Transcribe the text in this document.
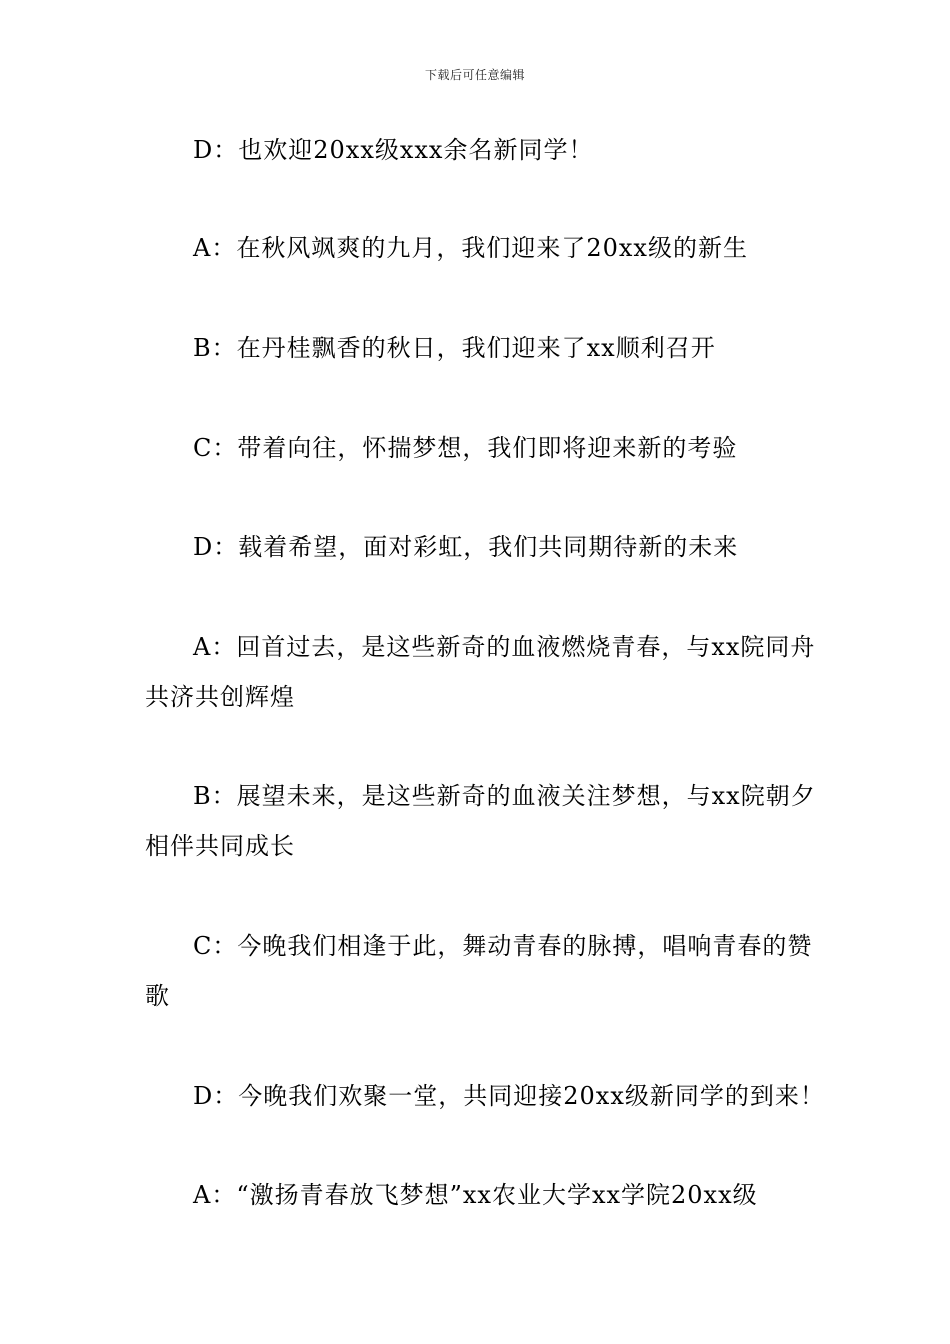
下载后可任意编辑

D：也欢迎20xx级xxx余名新同学！

A：在秋风飒爽的九月，我们迎来了20xx级的新生

B：在丹桂飘香的秋日，我们迎来了xx顺利召开

C：带着向往，怀揣梦想，我们即将迎来新的考验

D：载着希望，面对彩虹，我们共同期待新的未来

A：回首过去，是这些新奇的血液燃烧青春，与xx院同舟共济共创辉煌

B：展望未来，是这些新奇的血液关注梦想，与xx院朝夕相伴共同成长

C：今晚我们相逢于此，舞动青春的脉搏，唱响青春的赞歌

D：今晚我们欢聚一堂，共同迎接20xx级新同学的到来！

A：“激扬青春放飞梦想”xx农业大学xx学院20xx级
